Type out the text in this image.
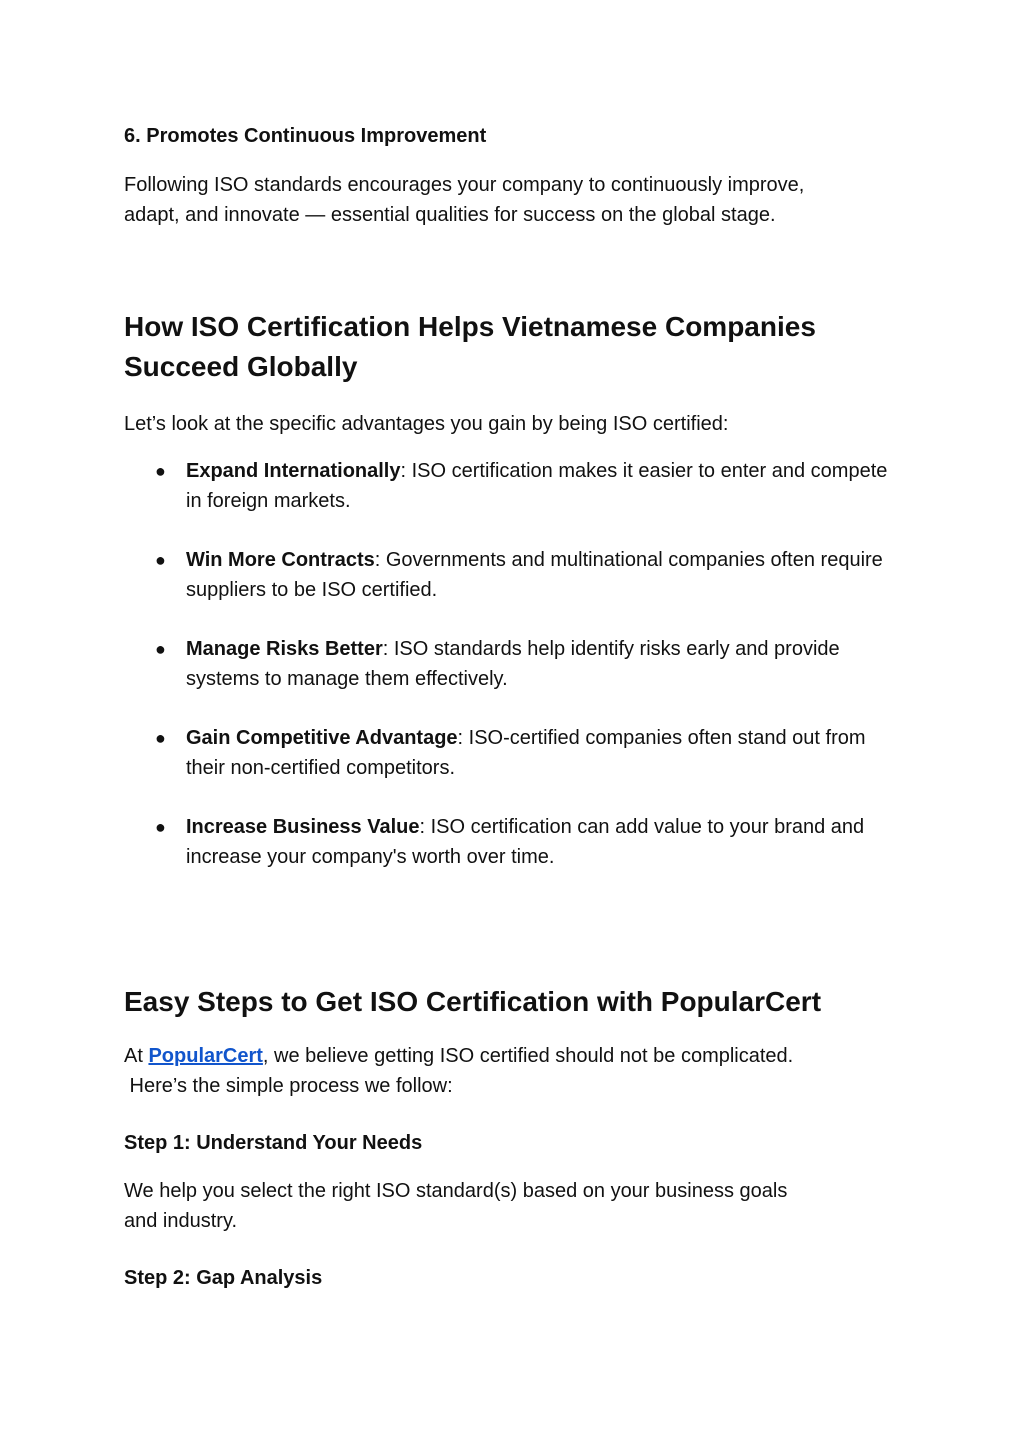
6. Promotes Continuous Improvement

Following ISO standards encourages your company to continuously improve,

adapt, and innovate — essential qualities for success on the global stage.

How ISO Certification Helps Vietnamese Companies
Succeed Globally

Let’s look at the specific advantages you gain by being ISO certified:

● Expand Internationally: ISO certification makes it easier to enter and compete in foreign markets.
● Win More Contracts: Governments and multinational companies often require suppliers to be ISO certified.
● Manage Risks Better: ISO standards help identify risks early and provide systems to manage them effectively.
● Gain Competitive Advantage: ISO-certified companies often stand out from their non-certified competitors.
● Increase Business Value: ISO certification can add value to your brand and increase your company's worth over time.
Easy Steps to Get ISO Certification with PopularCert

At PopularCert, we believe getting ISO certified should not be complicated.

Here’s the simple process we follow:

Step 1: Understand Your Needs

We help you select the right ISO standard(s) based on your business goals

and industry.

Step 2: Gap Analysis
